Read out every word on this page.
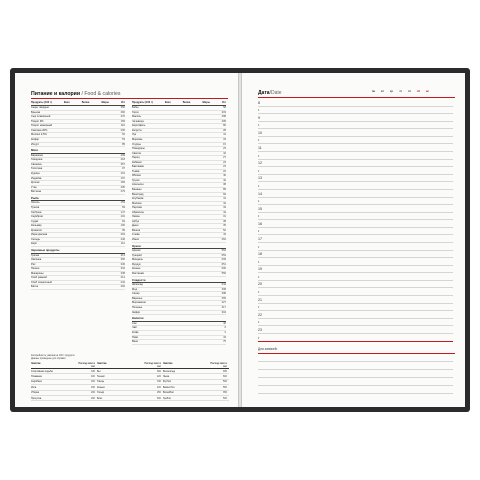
Питание и калории / Food & calories
Продукты (100 г)	Ккал	Белки	Жиры	Угл
Сыры твердые	350
Брынза	260
Сыр плавленый	270
Творог 9%	159
Творог нежирный	110
Сметана 20%	206
Молоко 2,5%	52
Кефир	53
Йогурт	85
Мясо
Баранина	209
Говядина	218
Свинина	357
Телятина	97
Курица	161
Индейка	197
Кролик	183
Утка	405
Ветчина	279
Рыба
Лосось	153
Треска	69
Горбуша	147
Скумбрия	191
Судак	84
Кальмар	100
Креветки	95
Икра красная	263
Сельдь	246
Карп	112
Зерновые продукты
Гречка	313
Овсянка	366
Рис	330
Пшено	334
Макароны	338
Хлеб ржаной	214
Хлеб пшеничный	242
Батон	262
Продукты (100 г)	Ккал	Белки	Жиры	Угл
Бобы	58
Горох	303
Фасоль	298
Чечевица	295
Картофель	80
Капуста	28
Лук	41
Морковь	33
Огурцы	15
Помидоры	23
Свекла	42
Перец	27
Кабачки	23
Баклажан	24
Тыква	22
Яблоки	46
Груши	42
Апельсин	38
Бананы	89
Виноград	69
Клубника	41
Малина	42
Персики	43
Абрикосы	44
Лимон	31
Арбуз	38
Дыня	35
Вишня	52
Слива	43
Изюм	262
Орехи
Арахис	552
Грецкий	654
Миндаль	609
Фундук	651
Кешью	600
Фисташки	556
Сладости
Шоколад	544
Мед	308
Сахар	398
Варенье	265
Мороженое	227
Печенье	417
Зефир	304
Напитки
Сок	46
Чай	0
Кофе	2
Пиво	43
Вино	75
Калорийность указана на 100 г продукта.
Данные приведены для справки.
Занятие	Расход ккал в час
Занятие	Расход ккал в час
Занятие	Расход ккал в час
Спортивная ходьба	340 Бег	600 Велосипед	480
Плавание	400 Теннис	420 Лыжи	600
Аэробика	400 Танцы	340 Футбол	500
Йога	200 Коньки	420 Баскетбол	550
Уборка	200 Гольф	250 Волейбол	350
Прогулка	200 Бокс	600 Гребля	500
Дата/Date	пн	вт	ср	чт	пт	сб	вс
8
•
9
•
10
•
11
•
12
•
13
•
14
•
15
•
16
•
17
•
18
•
19
•
20
•
21
•
22
•
23
•
Для записей:
